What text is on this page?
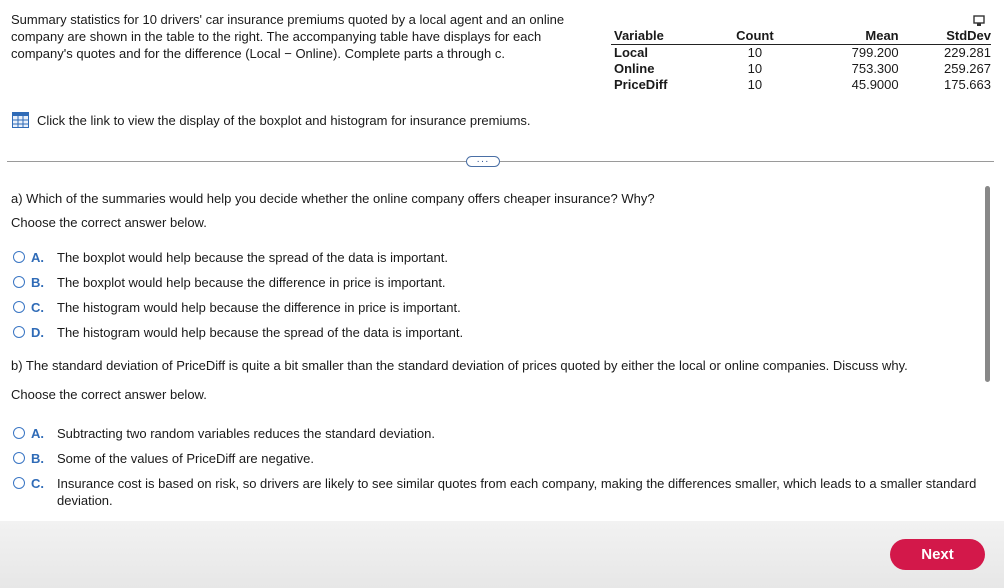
Summary statistics for 10 drivers' car insurance premiums quoted by a local agent and an online company are shown in the table to the right. The accompanying table have displays for each company's quotes and for the difference (Local − Online). Complete parts a through c.
Variable	Count	Mean	StdDev
Local	10	799.200	229.281
Online	10	753.300	259.267
PriceDiff	10	45.9000	175.663
Click the link to view the display of the boxplot and histogram for insurance premiums.
···
a) Which of the summaries would help you decide whether the online company offers cheaper insurance? Why?
Choose the correct answer below.
A.	The boxplot would help because the spread of the data is important.
B.	The boxplot would help because the difference in price is important.
C.	The histogram would help because the difference in price is important.
D.	The histogram would help because the spread of the data is important.
b) The standard deviation of PriceDiff is quite a bit smaller than the standard deviation of prices quoted by either the local or online companies. Discuss why.
Choose the correct answer below.
A.	Subtracting two random variables reduces the standard deviation.
B.	Some of the values of PriceDiff are negative.
C.	Insurance cost is based on risk, so drivers are likely to see similar quotes from each company, making the differences smaller, which leads to a smaller standard deviation.
Next
